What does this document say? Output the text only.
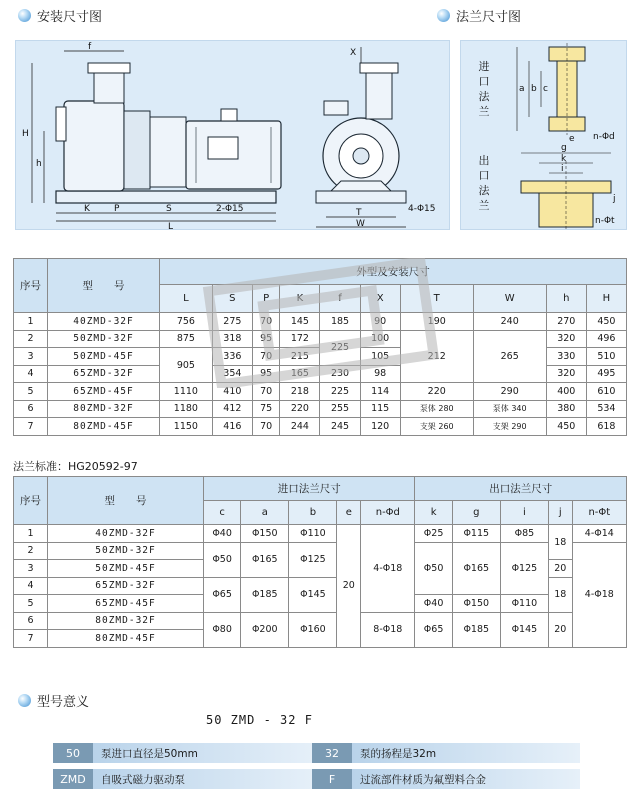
安装尺寸图	法兰尺寸图
f
H
h
K	P	S
L
2-Φ15
X
T
W
4-Φ15
a b c
e n-Φd
g
k
i
j
n-Φt
进
口
法
兰
出
口
法
兰
序号	型　　号	外型及安装尺寸									
		L	S	P	K	f	X	T	W	h	H
1	40ZMD-32F	756	275	70	145	185	90	190	240	270	450
2	50ZMD-32F	875	318	95	172	225	100	212	265	320	496
3	50ZMD-45F	905	336	70	215		105			330	510
4	65ZMD-32F		354	95	165	230	98			320	495
5	65ZMD-45F	1110	410	70	218	225	114	220	290	400	610
6	80ZMD-32F	1180	412	75	220	255	115	泵体 280	泵体 340	380	534
7	80ZMD-45F	1150	416	70	244	245	120	支架 260	支架 290	450	618
法兰标准：HG20592-97
序号	型　　号	进口法兰尺寸					出口法兰尺寸				
		c	a	b	e	n-Φd	k	g	i	j	n-Φt
1	40ZMD-32F	Φ40	Φ150	Φ110	20	4-Φ18	Φ25	Φ115	Φ85	18	4-Φ14
2	50ZMD-32F	Φ50	Φ165	Φ125			Φ50	Φ165	Φ125		4-Φ18
3	50ZMD-45F									20	
4	65ZMD-32F	Φ65	Φ185	Φ145						18	
5	65ZMD-45F						Φ40	Φ150	Φ110		
6	80ZMD-32F	Φ80	Φ200	Φ160		8-Φ18	Φ65	Φ185	Φ145	20	
7	80ZMD-45F										
型号意义
50 ZMD - 32 F
50	泵进口直径是50mm	32	泵的扬程是32m
ZMD	自吸式磁力驱动泵	F	过流部件材质为氟塑料合金
